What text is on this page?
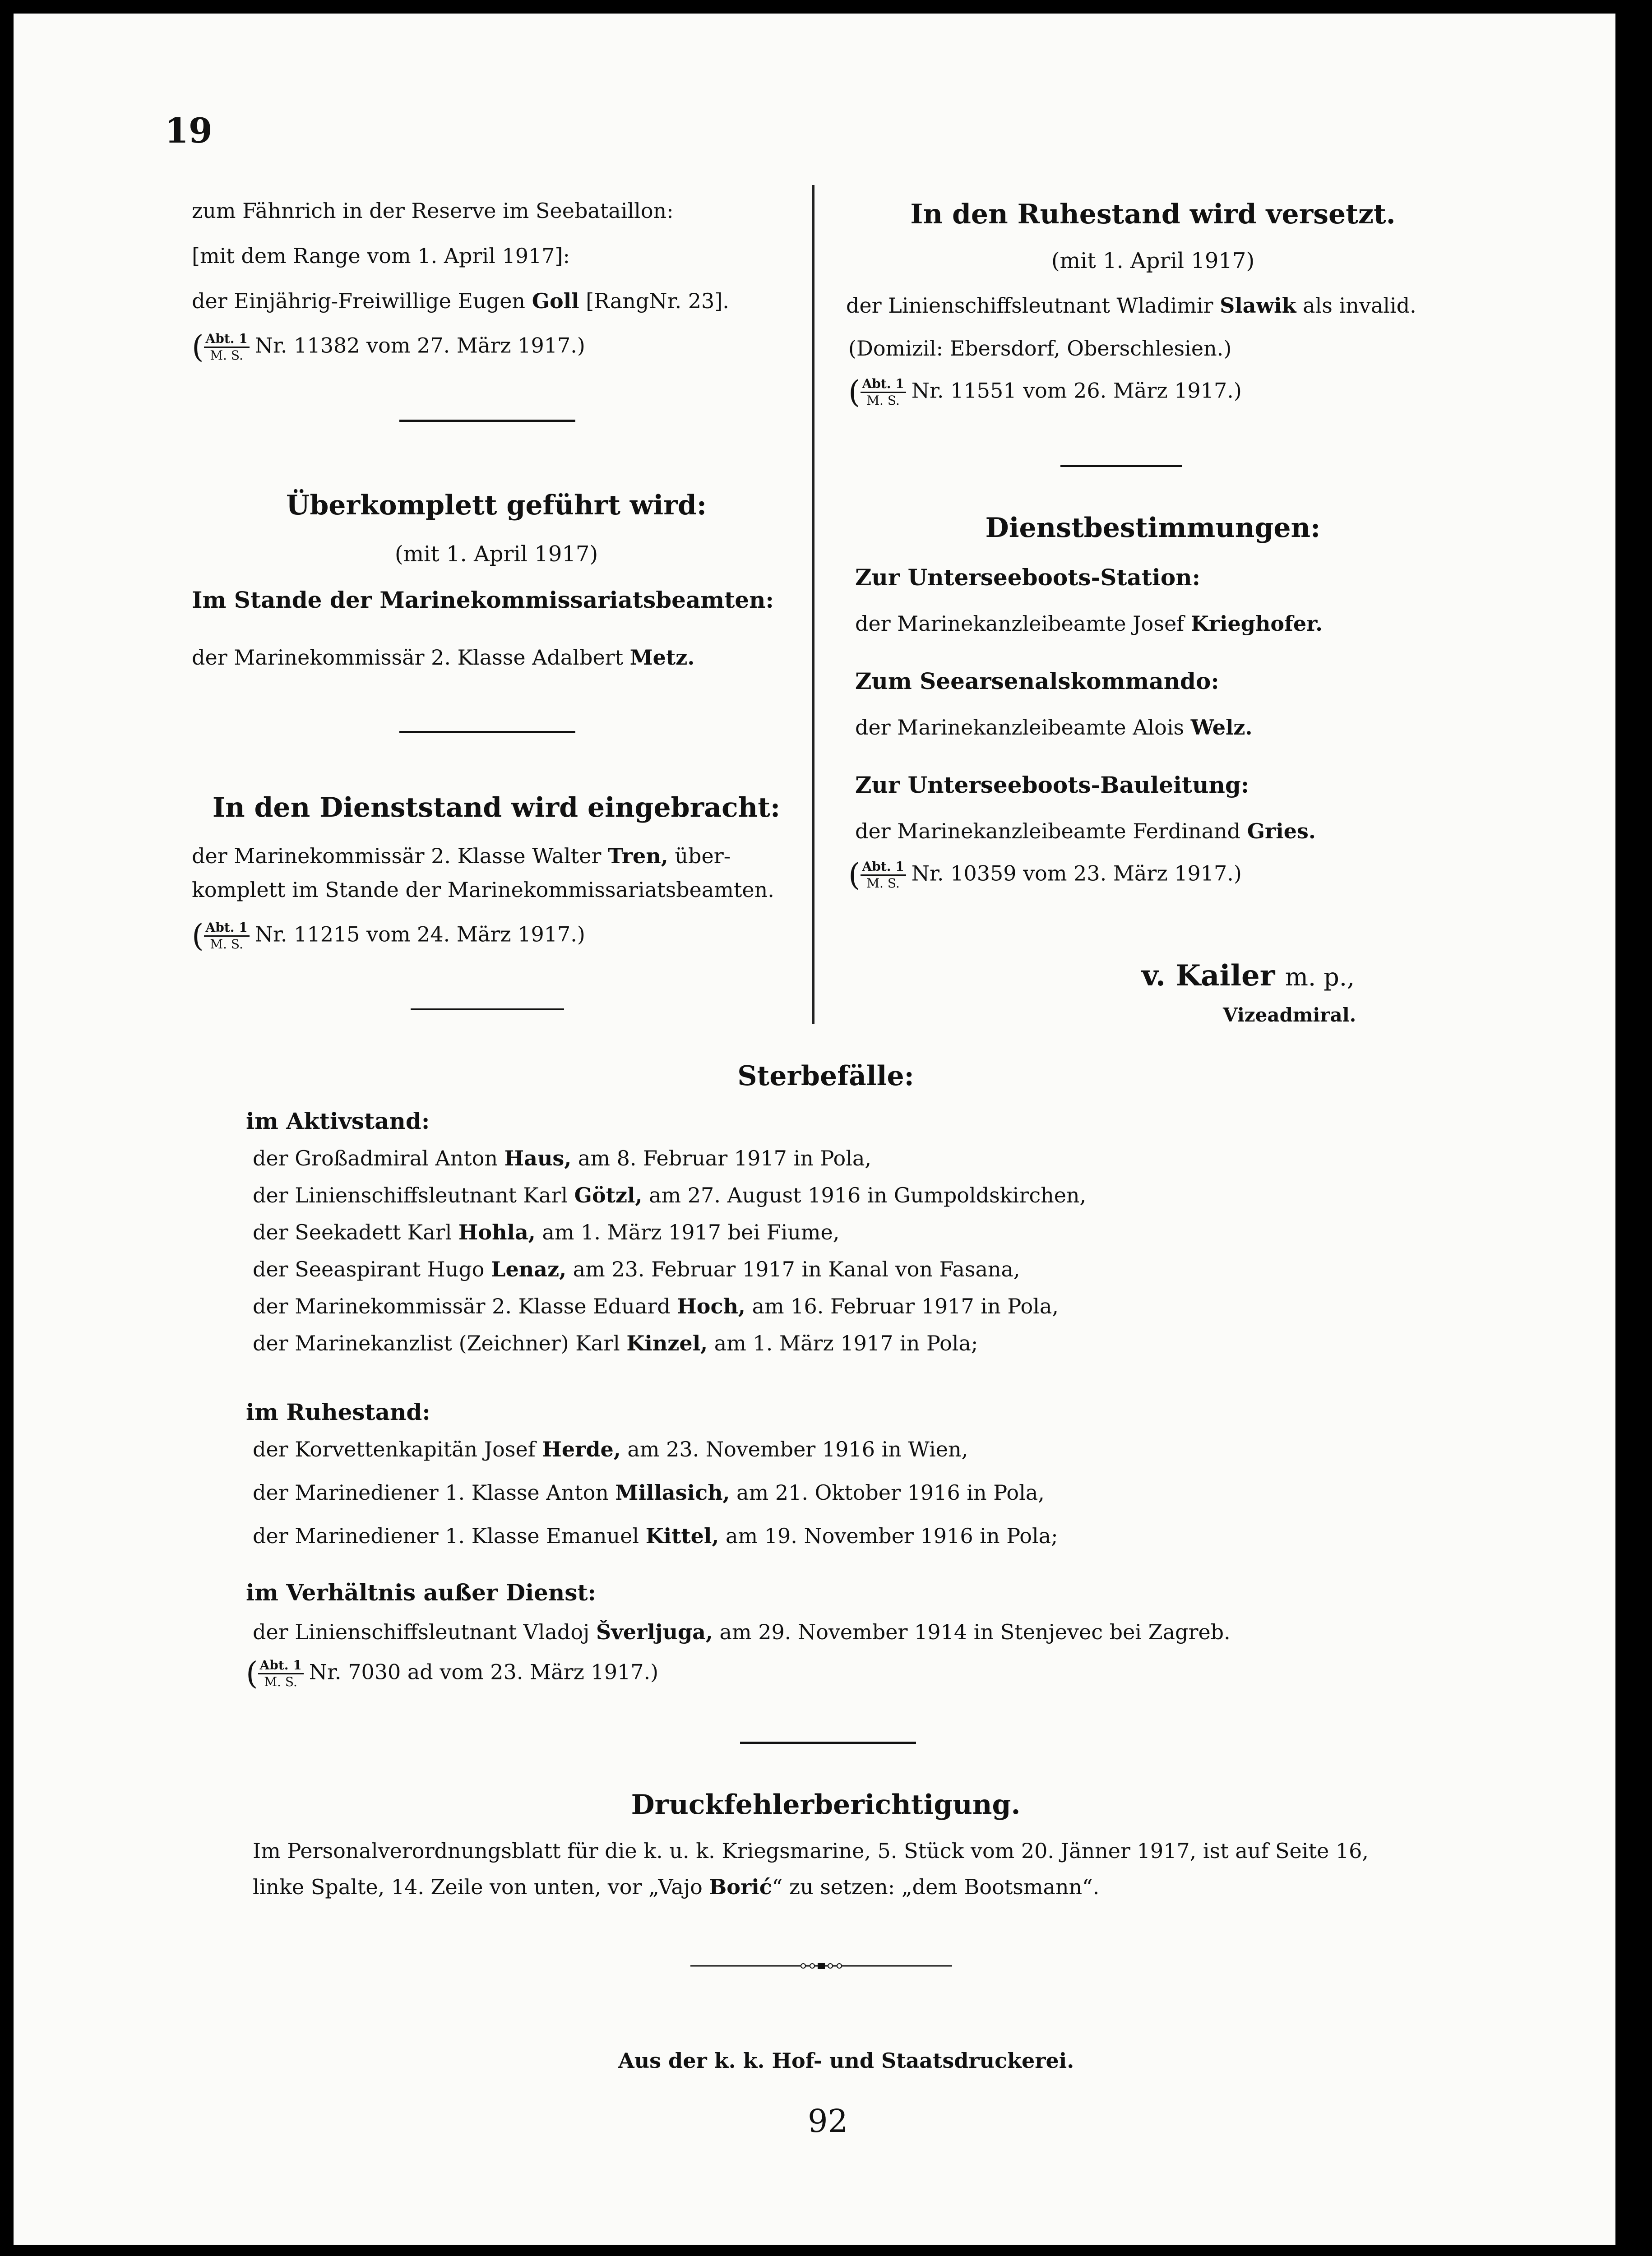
19
zum Fähnrich in der Reserve im Seebataillon:
[mit dem Range vom 1. April 1917]:
der Einjährig-Freiwillige Eugen Goll [RangNr. 23].
( $\frac{\text{Abt. 1}}{M. S.} Nr$. 11382 vom 27. März 1917.)
Überkomplett geführt wird:
(mit 1. April 1917)
Im Stande der Marinekommissariatsbeamten:
der Marinekommissär 2. Klasse Adalbert Metz.
In den Dienststand wird eingebracht:
der Marinekommissär 2. Klasse Walter Tren, über-
komplett im Stande der Marinekommissariatsbeamten.
( $\frac{\text{Abt. 1}}{M. S.} Nr$. 11215 vom 24. März 1917.)
In den Ruhestand wird versetzt.
(mit 1. April 1917)
der Linienschiffsleutnant Wladimir Slawik als invalid.
(Domizil: Ebersdorf, Oberschlesien.)
( $\frac{\text{Abt. 1}}{M. S.} Nr$. 11551 vom 26. März 1917.)
Dienstbestimmungen:
Zur Unterseeboots-Station:
der Marinekanzleibeamte Josef Krieghofer.
Zum Seearsenalskommando:
der Marinekanzleibeamte Alois Welz.
Zur Unterseeboots-Bauleitung:
der Marinekanzleibeamte Ferdinand Gries.
( $\frac{\text{Abt. 1}}{M. S.} Nr$. 10359 vom 23. März 1917.)
v. Kailer m. p.,
Vizeadmiral.
Sterbefälle:
im Aktivstand:
der Großadmiral Anton Haus, am 8. Februar 1917 in Pola,
der Linienschiffsleutnant Karl Götzl, am 27. August 1916 in Gumpoldskirchen,
der Seekadett Karl Hohla, am 1. März 1917 bei Fiume,
der Seeaspirant Hugo Lenaz, am 23. Februar 1917 in Kanal von Fasana,
der Marinekommissär 2. Klasse Eduard Hoch, am 16. Februar 1917 in Pola,
der Marinekanzlist (Zeichner) Karl Kinzel, am 1. März 1917 in Pola;
im Ruhestand:
der Korvettenkapitän Josef Herde, am 23. November 1916 in Wien,
der Marinediener 1. Klasse Anton Millasich, am 21. Oktober 1916 in Pola,
der Marinediener 1. Klasse Emanuel Kittel, am 19. November 1916 in Pola;
im Verhältnis außer Dienst:
der Linienschiffsleutnant Vladoj Šverljuga, am 29. November 1914 in Stenjevec bei Zagreb.
( $\frac{\text{Abt. 1}}{M. S.} Nr$. 7030 ad vom 23. März 1917.)
Druckfehlerberichtigung.
Im Personalverordnungsblatt für die k. u. k. Kriegsmarine, 5. Stück vom 20. Jänner 1917, ist auf Seite 16,
linke Spalte, 14. Zeile von unten, vor „Vajo Borić“ zu setzen: „dem Bootsmann“.
Aus der k. k. Hof- und Staatsdruckerei.
92
